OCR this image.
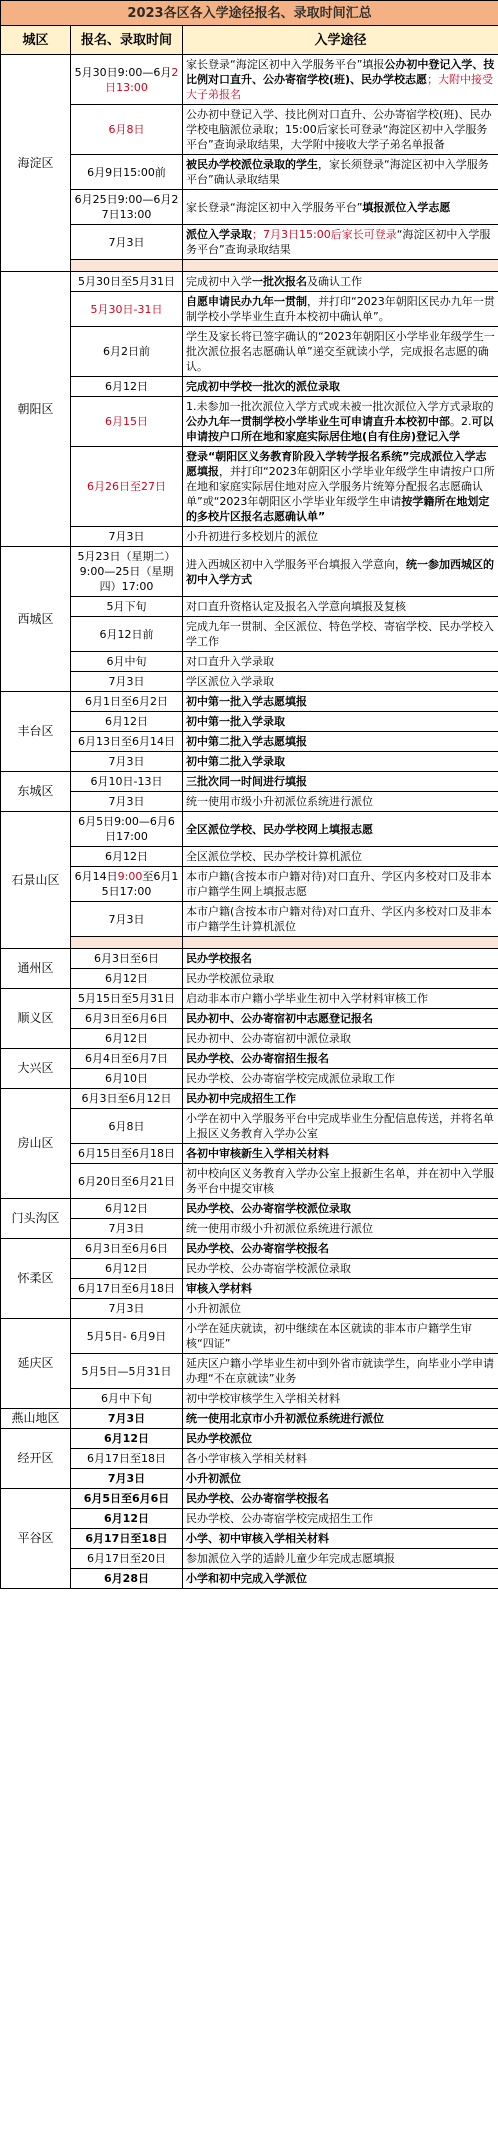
2023各区各入学途径报名、录取时间汇总		
城区	报名、录取时间	入学途径
海淀区	5月30日9:00—6月2日13:00	家长登录“海淀区初中入学服务平台”填报公办初中登记入学、技比例对口直升、公办寄宿学校(班)、民办学校志愿；大附中接受大子弟报名
	6月8日	公办初中登记入学、技比例对口直升、公办寄宿学校(班)、民办学校电脑派位录取；15:00后家长可登录“海淀区初中入学服务平台”查询录取结果，大学附中接收大学子弟名单报备
	6月9日15:00前	被民办学校派位录取的学生，家长须登录“海淀区初中入学服务平台”确认录取结果
	6月25日9:00—6月27日13:00	家长登录“海淀区初中入学服务平台”填报派位入学志愿
	7月3日	派位入学录取；7月3日15:00后家长可登录“海淀区初中入学服务平台”查询录取结果

朝阳区	5月30日至5月31日	完成初中入学一批次报名及确认工作
	5月30日-31日	自愿申请民办九年一贯制，并打印“2023年朝阳区民办九年一贯制学校小学毕业生直升本校初中确认单”。
	6月2日前	学生及家长将已签字确认的“2023年朝阳区小学毕业年级学生一批次派位报名志愿确认单”递交至就读小学，完成报名志愿的确认。
	6月12日	完成初中学校一批次的派位录取
	6月15日	1.未参加一批次派位入学方式或未被一批次派位入学方式录取的公办九年一贯制学校小学毕业生可申请直升本校初中部。2.可以申请按户口所在地和家庭实际居住地(自有住房)登记入学
	6月26日至27日	登录“朝阳区义务教育阶段入学转学报名系统”完成派位入学志愿填报，并打印“2023年朝阳区小学毕业年级学生申请按户口所在地和家庭实际居住地对应入学服务片统筹分配报名志愿确认单”或“2023年朝阳区小学毕业年级学生申请按学籍所在地划定的多校片区报名志愿确认单”
	7月3日	小升初进行多校划片的派位
西城区	5月23日（星期二）9:00—25日（星期四）17:00	进入西城区初中入学服务平台填报入学意向，统一参加西城区的初中入学方式
	5月下旬	对口直升资格认定及报名入学意向填报及复核
	6月12日前	完成九年一贯制、全区派位、特色学校、寄宿学校、民办学校入学工作
	6月中旬	对口直升入学录取
	7月3日	学区派位入学录取
丰台区	6月1日至6月2日	初中第一批入学志愿填报
	6月12日	初中第一批入学录取
	6月13日至6月14日	初中第二批入学志愿填报
	7月3日	初中第二批入学录取
东城区	6月10日-13日	三批次同一时间进行填报
	7月3日	统一使用市级小升初派位系统进行派位
石景山区	6月5日9:00—6月6日17:00	全区派位学校、民办学校网上填报志愿
	6月12日	全区派位学校、民办学校计算机派位
	6月14日9:00至6月15日17:00	本市户籍(含按本市户籍对待)对口直升、学区内多校对口及非本市户籍学生网上填报志愿
	7月3日	本市户籍(含按本市户籍对待)对口直升、学区内多校对口及非本市户籍学生计算机派位

通州区	6月3日至6日	民办学校报名
	6月12日	民办学校派位录取
顺义区	5月15日至5月31日	启动非本市户籍小学毕业生初中入学材料审核工作
	6月3日至6月6日	民办初中、公办寄宿初中志愿登记报名
	6月12日	民办初中、公办寄宿初中派位录取
大兴区	6月4日至6月7日	民办学校、公办寄宿招生报名
	6月10日	民办学校、公办寄宿学校完成派位录取工作
房山区	6月3日至6月12日	民办初中完成招生工作
	6月8日	小学在初中入学服务平台中完成毕业生分配信息传送，并将名单上报区义务教育入学办公室
	6月15日至6月18日	各初中审核新生入学相关材料
	6月20日至6月21日	初中校向区义务教育入学办公室上报新生名单，并在初中入学服务平台中提交审核
门头沟区	6月12日	民办学校、公办寄宿学校派位录取
	7月3日	统一使用市级小升初派位系统进行派位
怀柔区	6月3日至6月6日	民办学校、公办寄宿学校报名
	6月12日	民办学校、公办寄宿学校派位录取
	6月17日至6月18日	审核入学材料
	7月3日	小升初派位
延庆区	5月5日- 6月9日	小学在延庆就读，初中继续在本区就读的非本市户籍学生审核“四证”
	5月5日—5月31日	延庆区户籍小学毕业生初中到外省市就读学生，向毕业小学申请办理“不在京就读”业务
	6月中下旬	初中学校审核学生入学相关材料
燕山地区	7月3日	统一使用北京市小升初派位系统进行派位
经开区	6月12日	民办学校派位
	6月17日至18日	各小学审核入学相关材料
	7月3日	小升初派位
平谷区	6月5日至6月6日	民办学校、公办寄宿学校报名
	6月12日	民办学校、公办寄宿学校完成招生工作
	6月17日至18日	小学、初中审核入学相关材料
	6月17日至20日	参加派位入学的适龄儿童少年完成志愿填报
	6月28日	小学和初中完成入学派位
